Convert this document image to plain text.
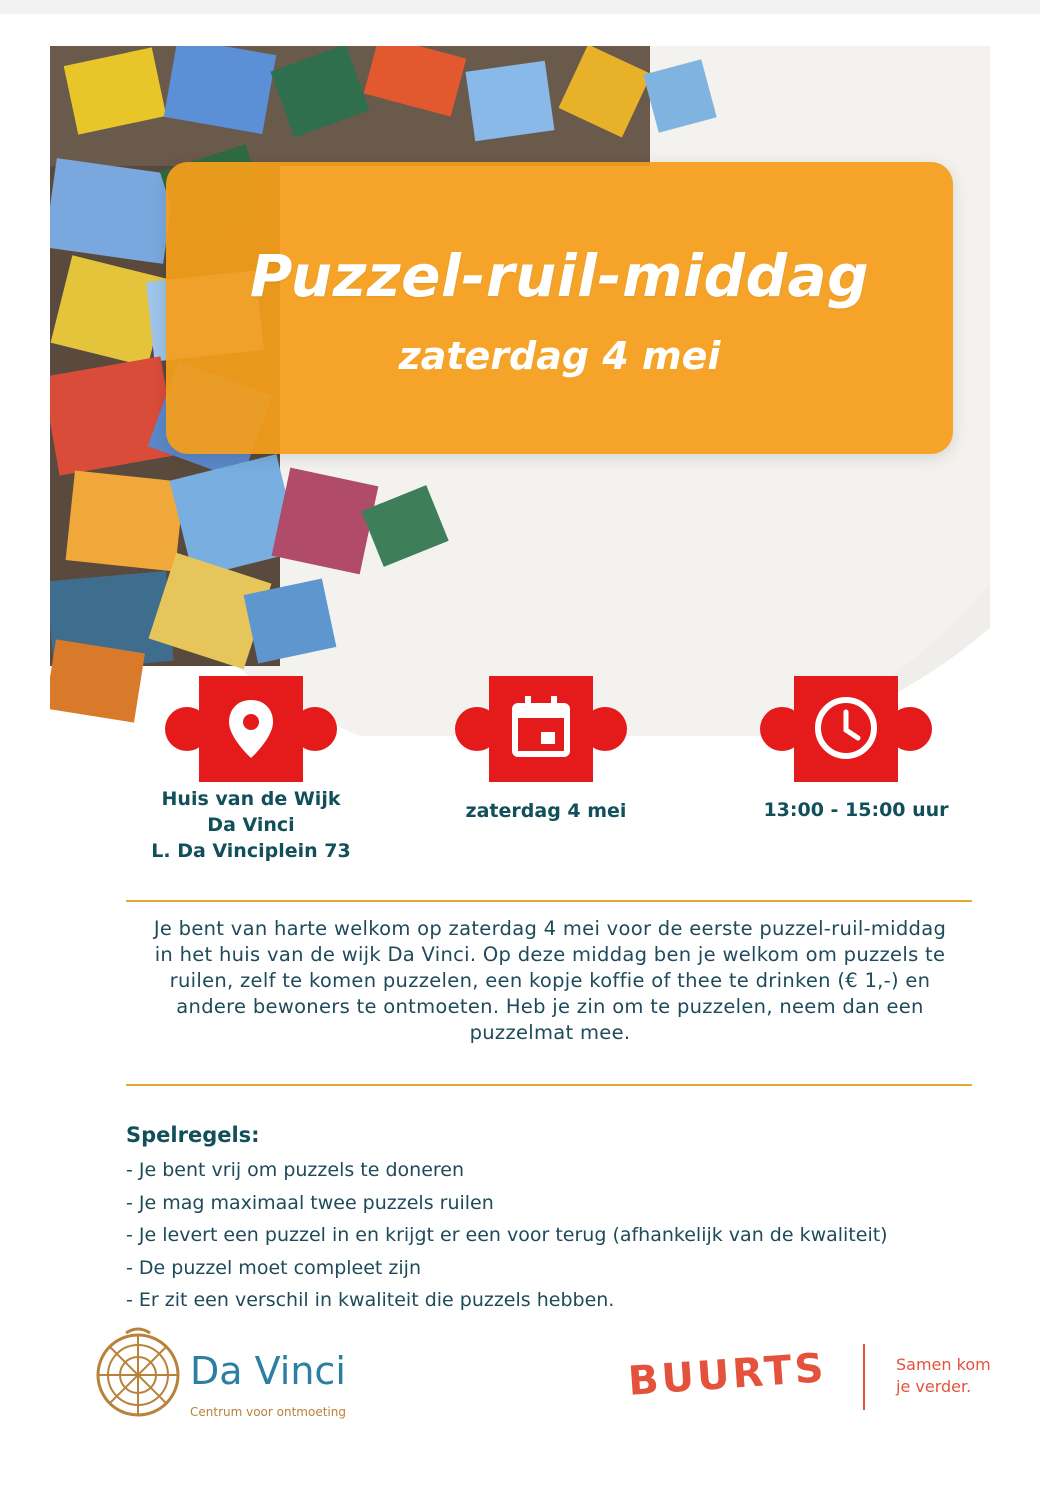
Puzzel-ruil-middag
zaterdag 4 mei
Huis van de Wijk
Da Vinci
L. Da Vinciplein 73
zaterdag 4 mei	13:00 - 15:00 uur
Je bent van harte welkom op zaterdag 4 mei voor de eerste puzzel-ruil-middag
in het huis van de wijk Da Vinci. Op deze middag ben je welkom om puzzels te
ruilen, zelf te komen puzzelen, een kopje koffie of thee te drinken (€ 1,-) en
andere bewoners te ontmoeten. Heb je zin om te puzzelen, neem dan een
puzzelmat mee.
Spelregels:
- Je bent vrij om puzzels te doneren
- Je mag maximaal twee puzzels ruilen
- Je levert een puzzel in en krijgt er een voor terug (afhankelijk van de kwaliteit)
- De puzzel moet compleet zijn
- Er zit een verschil in kwaliteit die puzzels hebben.
Da Vinci
Centrum voor ontmoeting
BUURTS	Samen kom
je verder.
